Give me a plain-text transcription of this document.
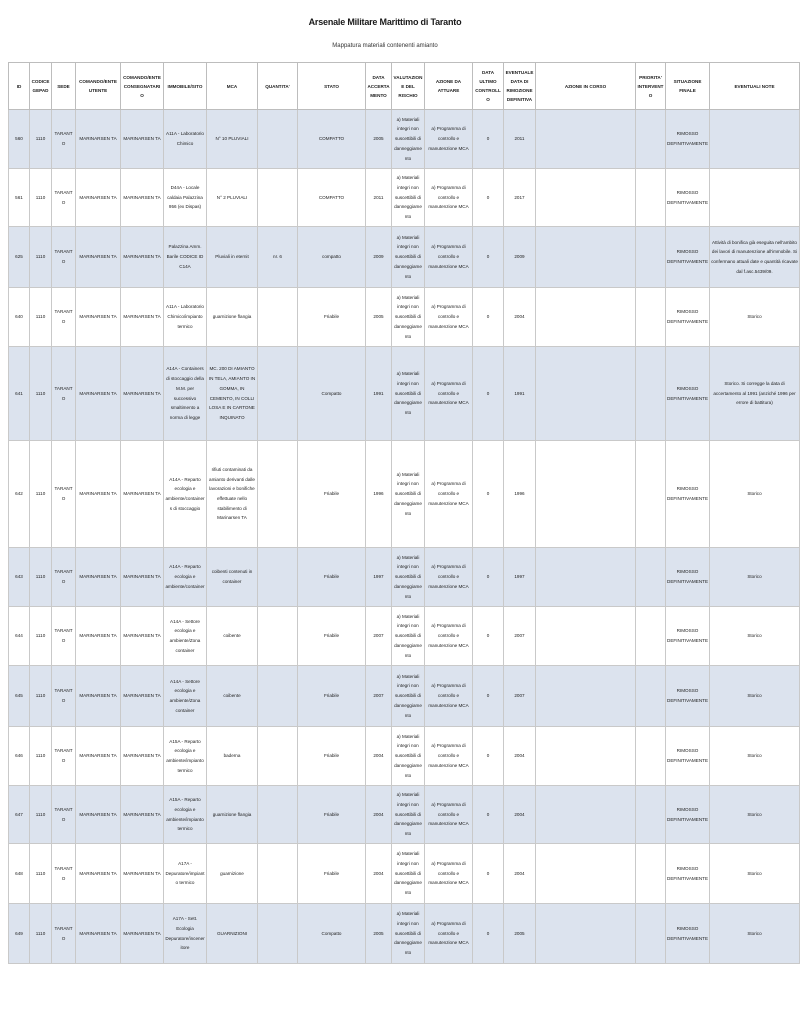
Arsenale Militare Marittimo di Taranto
Mappatura materiali contenenti amianto
ID	CODICE GEPAD	SEDE	COMANDO/ENTE UTENTE	COMANDO/ENTE CONSEGNATARIO	IMMOBILE/SITO	MCA	QUANTITA'	STATO	DATA ACCERTAMENTO	VALUTAZIONE DEL RISCHIO	AZIONE DA ATTUARE	DATA ULTIMO CONTROLLO	EVENTUALE DATA DI RIMOZIONE DEFINITIVA	AZIONE IN CORSO	PRIORITA' INTERVENTO	SITUAZIONE FINALE	EVENTUALI NOTE
560	1110	TARANTO	MARINARSEN TA	MARINARSEN TA	A11A - Laboratorio Chimico	N° 10 PLUVIALI		COMPATTO	2005	a) Materiali integri non suscettibili di danneggiamento	a) Programma di controllo e manutenzione MCA	0	2011			RIMOSSO DEFINITIVAMENTE	
561	1110	TARANTO	MARINARSEN TA	MARINARSEN TA	D44A - Locale caldaia Palazzina 956 (ex Dispas)	N° 2 PLUVIALI		COMPATTO	2011	a) Materiali integri non suscettibili di danneggiamento	a) Programma di controllo e manutenzione MCA	0	2017			RIMOSSO DEFINITIVAMENTE	
625	1110	TARANTO	MARINARSEN TA	MARINARSEN TA	Palazzina Amm. Barile CODICE ID C14A	Pluviali in eternit	nr. 6	compatto	2009	a) Materiali integri non suscettibili di danneggiamento	a) Programma di controllo e manutenzione MCA	0	2009			RIMOSSO DEFINITIVAMENTE	Attività di bonifica già eseguita nell'ambito dei lavori di manutenzione all'immobile. Si confermano attuali date e quantità ricavate dal f.asc.5439/09.
640	1110	TARANTO	MARINARSEN TA	MARINARSEN TA	A11A - Laboratorio Chimico/impianto termico	guarnizione flangia		Friabile	2005	a) Materiali integri non suscettibili di danneggiamento	a) Programma di controllo e manutenzione MCA	0	2004			RIMOSSO DEFINITIVAMENTE	Storico
641	1110	TARANTO	MARINARSEN TA	MARINARSEN TA	A14A - Containers di stoccaggio della M.M. per successivo smaltimento a norma di legge	MC. 200 DI AMIANTO IN TELA, AMIANTO IN GOMMA, IN CEMENTO, IN COLLI LOSA E IN CARTONE INQUINATO		Compatto	1991	a) Materiali integri non suscettibili di danneggiamento	a) Programma di controllo e manutenzione MCA	0	1991			RIMOSSO DEFINITIVAMENTE	Storico. Si corregge la data di accertamento al 1991 (anziché 1996 per errore di battitura)
642	1110	TARANTO	MARINARSEN TA	MARINARSEN TA	A14A - Reparto ecologia e ambiente/containers di stoccaggio	rifiuti contaminati da amianto derivanti dalle lavorazioni e bonifiche effettuate nello stabilimento di Marinarsen TA		Friabile	1996	a) Materiali integri non suscettibili di danneggiamento	a) Programma di controllo e manutenzione MCA	0	1996			RIMOSSO DEFINITIVAMENTE	Storico
643	1110	TARANTO	MARINARSEN TA	MARINARSEN TA	A14A - Reparto ecologia e ambiente/container	coibenti contenuti in container		Friabile	1997	a) Materiali integri non suscettibili di danneggiamento	a) Programma di controllo e manutenzione MCA	0	1997			RIMOSSO DEFINITIVAMENTE	Storico
644	1110	TARANTO	MARINARSEN TA	MARINARSEN TA	A14A - Settore ecologia e ambiente/Zona container	coibente		Friabile	2007	a) Materiali integri non suscettibili di danneggiamento	a) Programma di controllo e manutenzione MCA	0	2007			RIMOSSO DEFINITIVAMENTE	Storico
645	1110	TARANTO	MARINARSEN TA	MARINARSEN TA	A14A - Settore ecologia e ambiente/Zona container	coibente		Friabile	2007	a) Materiali integri non suscettibili di danneggiamento	a) Programma di controllo e manutenzione MCA	0	2007			RIMOSSO DEFINITIVAMENTE	Storico
646	1110	TARANTO	MARINARSEN TA	MARINARSEN TA	A15A - Reparto ecologia e ambiente/impianto termico	baderna		Friabile	2004	a) Materiali integri non suscettibili di danneggiamento	a) Programma di controllo e manutenzione MCA	0	2004			RIMOSSO DEFINITIVAMENTE	Storico
647	1110	TARANTO	MARINARSEN TA	MARINARSEN TA	A15A - Reparto ecologia e ambiente/impianto termico	guarnizione flangia		Friabile	2004	a) Materiali integri non suscettibili di danneggiamento	a) Programma di controllo e manutenzione MCA	0	2004			RIMOSSO DEFINITIVAMENTE	Storico
648	1110	TARANTO	MARINARSEN TA	MARINARSEN TA	A17A - Depuratore/impianto termico	guarnizione		Friabile	2004	a) Materiali integri non suscettibili di danneggiamento	a) Programma di controllo e manutenzione MCA	0	2004			RIMOSSO DEFINITIVAMENTE	Storico
649	1110	TARANTO	MARINARSEN TA	MARINARSEN TA	A17A - Sett. Ecologia Depuratore/inceneritore	GUARNIZIONI		Compatto	2005	a) Materiali integri non suscettibili di danneggiamento	a) Programma di controllo e manutenzione MCA	0	2005			RIMOSSO DEFINITIVAMENTE	Storico
